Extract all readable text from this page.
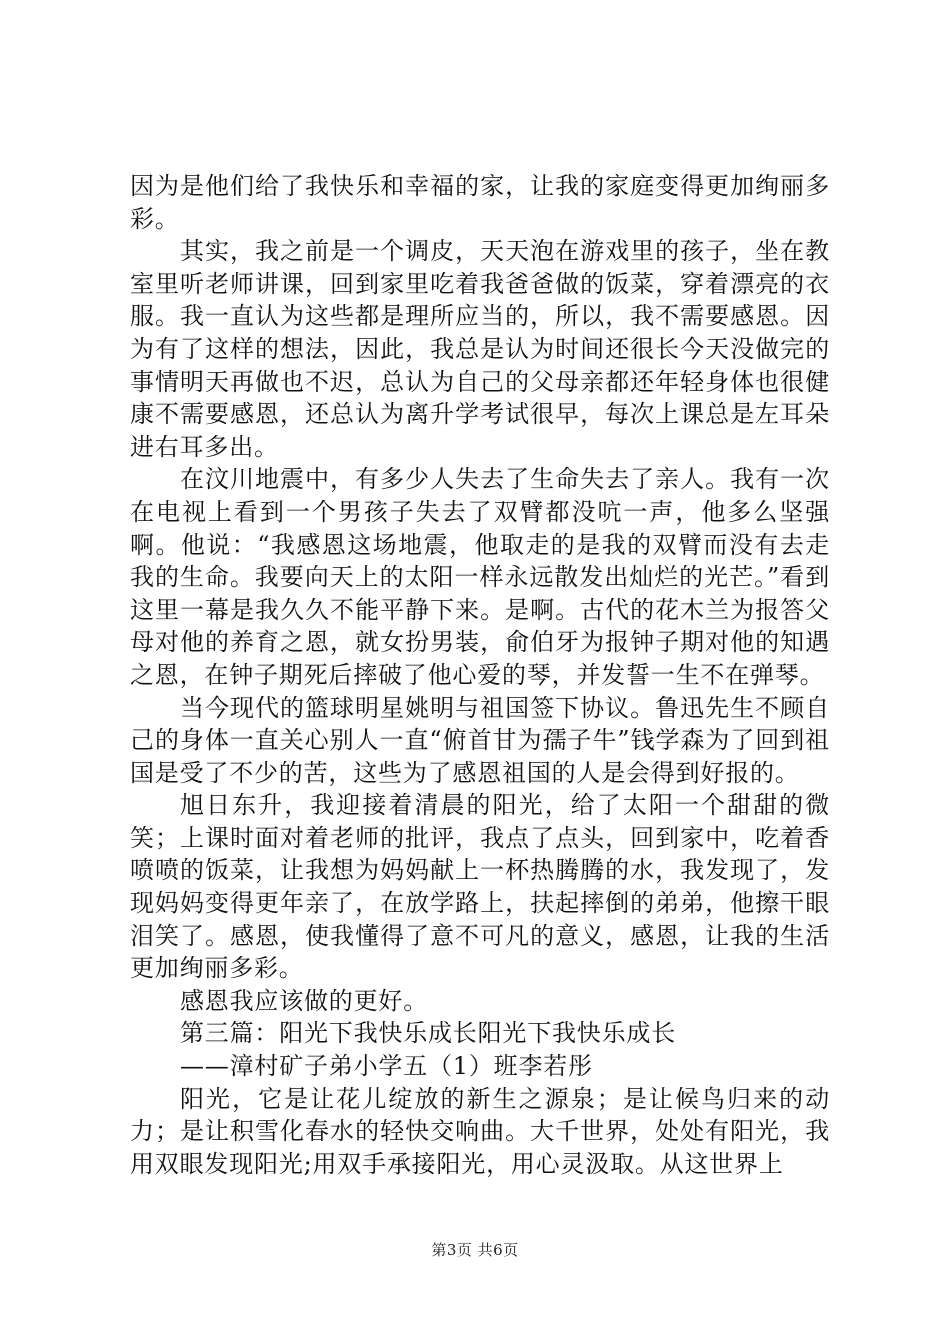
因为是他们给了我快乐和幸福的家，让我的家庭变得更加绚丽多彩。

其实，我之前是一个调皮，天天泡在游戏里的孩子，坐在教室里听老师讲课，回到家里吃着我爸爸做的饭菜，穿着漂亮的衣服。我一直认为这些都是理所应当的，所以，我不需要感恩。因为有了这样的想法，因此，我总是认为时间还很长今天没做完的事情明天再做也不迟，总认为自己的父母亲都还年轻身体也很健康不需要感恩，还总认为离升学考试很早，每次上课总是左耳朵进右耳多出。

在汶川地震中，有多少人失去了生命失去了亲人。我有一次在电视上看到一个男孩子失去了双臂都没吭一声，他多么坚强啊。他说：“我感恩这场地震，他取走的是我的双臂而没有去走我的生命。我要向天上的太阳一样永远散发出灿烂的光芒。”看到这里一幕是我久久不能平静下来。是啊。古代的花木兰为报答父母对他的养育之恩，就女扮男装，俞伯牙为报钟子期对他的知遇之恩，在钟子期死后摔破了他心爱的琴，并发誓一生不在弹琴。

当今现代的篮球明星姚明与祖国签下协议。鲁迅先生不顾自己的身体一直关心别人一直“俯首甘为孺子牛”钱学森为了回到祖国是受了不少的苦，这些为了感恩祖国的人是会得到好报的。

旭日东升，我迎接着清晨的阳光，给了太阳一个甜甜的微笑；上课时面对着老师的批评，我点了点头，回到家中，吃着香喷喷的饭菜，让我想为妈妈献上一杯热腾腾的水，我发现了，发现妈妈变得更年亲了，在放学路上，扶起摔倒的弟弟，他擦干眼泪笑了。感恩，使我懂得了意不可凡的意义，感恩，让我的生活更加绚丽多彩。

感恩我应该做的更好。

第三篇：阳光下我快乐成长阳光下我快乐成长

——漳村矿子弟小学五（1）班李若彤

阳光，它是让花儿绽放的新生之源泉；是让候鸟归来的动力；是让积雪化春水的轻快交响曲。大千世界，处处有阳光，我用双眼发现阳光;用双手承接阳光，用心灵汲取。从这世界上

第3页 共6页
